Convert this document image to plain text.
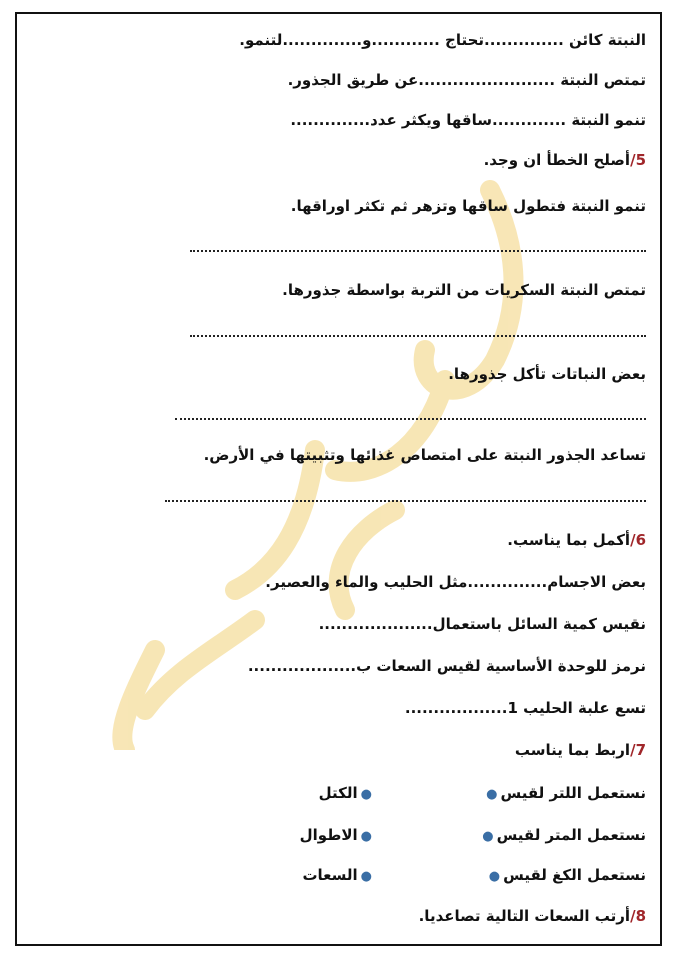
النبتة كائن ..............تحتاج ............و..............لتنمو.
تمتص النبتة ........................عن طريق الجذور.
تنمو النبتة .............ساقها ويكثر عدد..............
5/أصلح الخطأ ان وجد.
تنمو النبتة فتطول ساقها وتزهر ثم تكثر اوراقها.
تمتص النبتة السكريات من التربة بواسطة جذورها.
بعض النباتات تأكل جذورها.
تساعد الجذور النبتة على امتصاص غذائها وتثبيتها في الأرض.
6/أكمل بما يناسب.
بعض الاجسام..............مثل الحليب والماء والعصير.
نقيس كمية السائل باستعمال....................
نرمز للوحدة الأساسية لقيس السعات ب...................
تسع علبة الحليب 1..................
7/اربط بما يناسب
نستعمل اللتر لقيس●
●الكتل
نستعمل المتر لقيس●
●الاطوال
نستعمل الكغ لقيس●
●السعات
8/أرتب السعات التالية تصاعديا.
